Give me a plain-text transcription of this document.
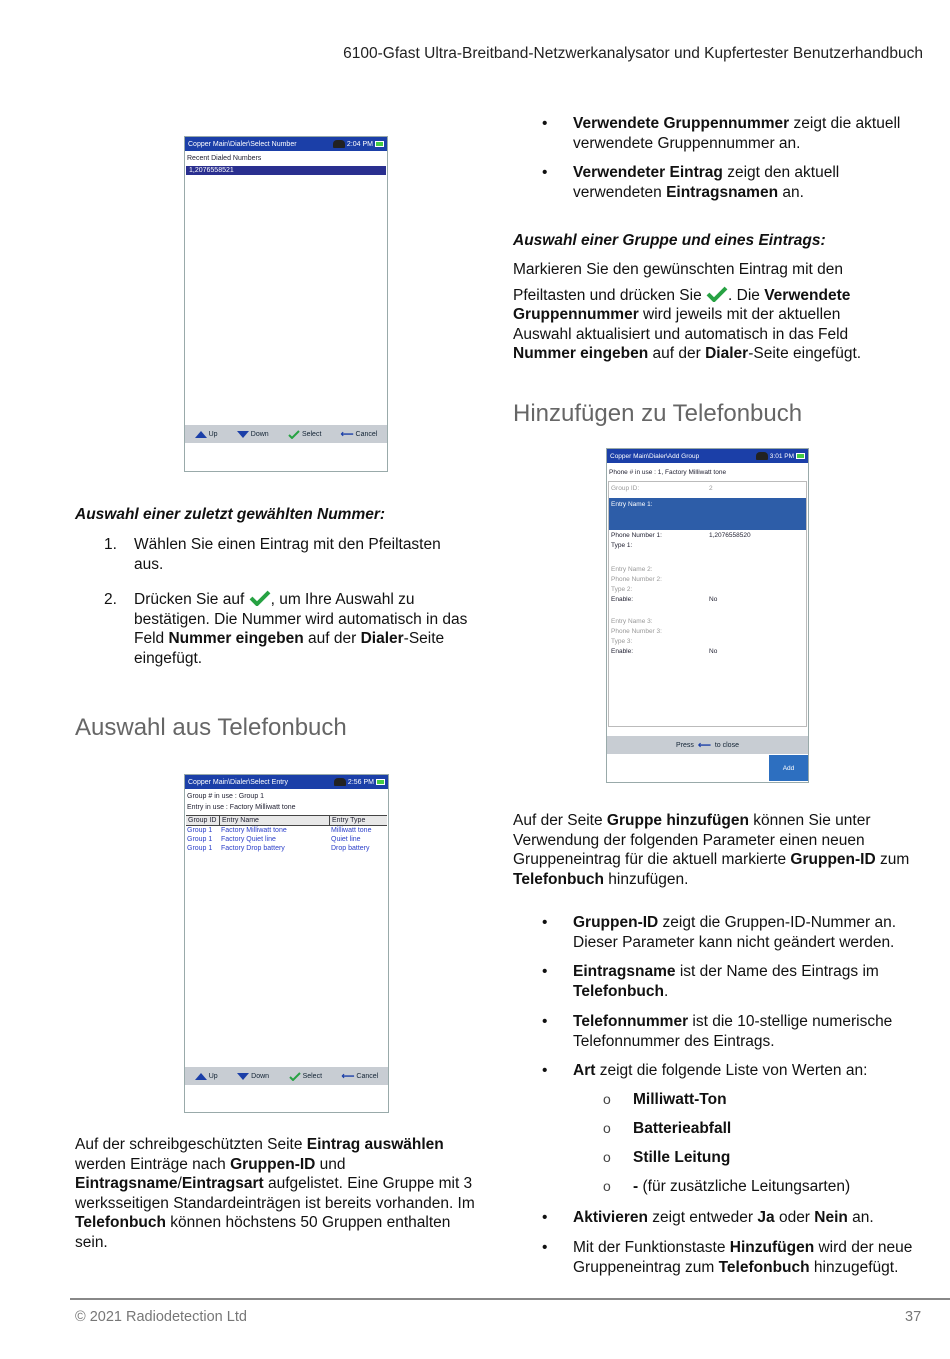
6100-Gfast Ultra-Breitband-Netzwerkanalysator und Kupfertester Benutzerhandbuch
Copper Main\Dialer\Select Number	2:04 PM
Recent Dialed Numbers
1,2076558521
Up	Down	Select ⟵ Cancel
• Verwendete Gruppennummer zeigt die aktuell verwendete Gruppennummer an.
• Verwendeter Eintrag zeigt den aktuell verwendeten Eintragsnamen an.
Auswahl einer Gruppe und eines Eintrags:
Markieren Sie den gewünschten Eintrag mit den
Pfeiltasten und drücken Sie . Die Verwendete
Gruppennummer wird jeweils mit der aktuellen
Auswahl aktualisiert und automatisch in das Feld
Nummer eingeben auf der Dialer-Seite eingefügt.
Hinzufügen zu Telefonbuch
Copper Main\Dialer\Add Group	3:01 PM
Phone # in use : 1, Factory Milliwatt tone
Group ID:	2
Entry Name 1:
Phone Number 1:	1,2076558520
Type 1:
Entry Name 2:
Phone Number 2:
Type 2:
Enable:	No
Entry Name 3:
Phone Number 3:
Type 3:
Enable:	No
Press ⟵ to close
Add
Auswahl einer zuletzt gewählten Nummer:
1. Wählen Sie einen Eintrag mit den Pfeiltasten aus.
2. Drücken Sie auf , um Ihre Auswahl zu bestätigen. Die Nummer wird automatisch in das Feld Nummer eingeben auf der Dialer-Seite eingefügt.
Auswahl aus Telefonbuch
Copper Main\Dialer\Select Entry	2:56 PM
Group # in use : Group 1
Entry in use : Factory Milliwatt tone
Group ID Entry Name	Entry Type
Group 1	Factory Milliwatt tone	Milliwatt tone
Group 1	Factory Quiet line	Quiet line
Group 1	Factory Drop battery	Drop battery
Up	Down	Select ⟵ Cancel
Auf der Seite Gruppe hinzufügen können Sie unter Verwendung der folgenden Parameter einen neuen Gruppeneintrag für die aktuell markierte Gruppen-ID zum Telefonbuch hinzufügen.
• Gruppen-ID zeigt die Gruppen-ID-Nummer an. Dieser Parameter kann nicht geändert werden.
• Eintragsname ist der Name des Eintrags im Telefonbuch.
• Telefonnummer ist die 10-stellige numerische Telefonnummer des Eintrags.
• Art zeigt die folgende Liste von Werten an:
o Milliwatt-Ton
o Batterieabfall
o Stille Leitung
o - (für zusätzliche Leitungsarten)
• Aktivieren zeigt entweder Ja oder Nein an.
• Mit der Funktionstaste Hinzufügen wird der neue Gruppeneintrag zum Telefonbuch hinzugefügt.
Auf der schreibgeschützten Seite Eintrag auswählen werden Einträge nach Gruppen-ID und Eintragsname/Eintragsart aufgelistet. Eine Gruppe mit 3 werksseitigen Standardeinträgen ist bereits vorhanden. Im Telefonbuch können höchstens 50 Gruppen enthalten sein.
© 2021 Radiodetection Ltd	37
